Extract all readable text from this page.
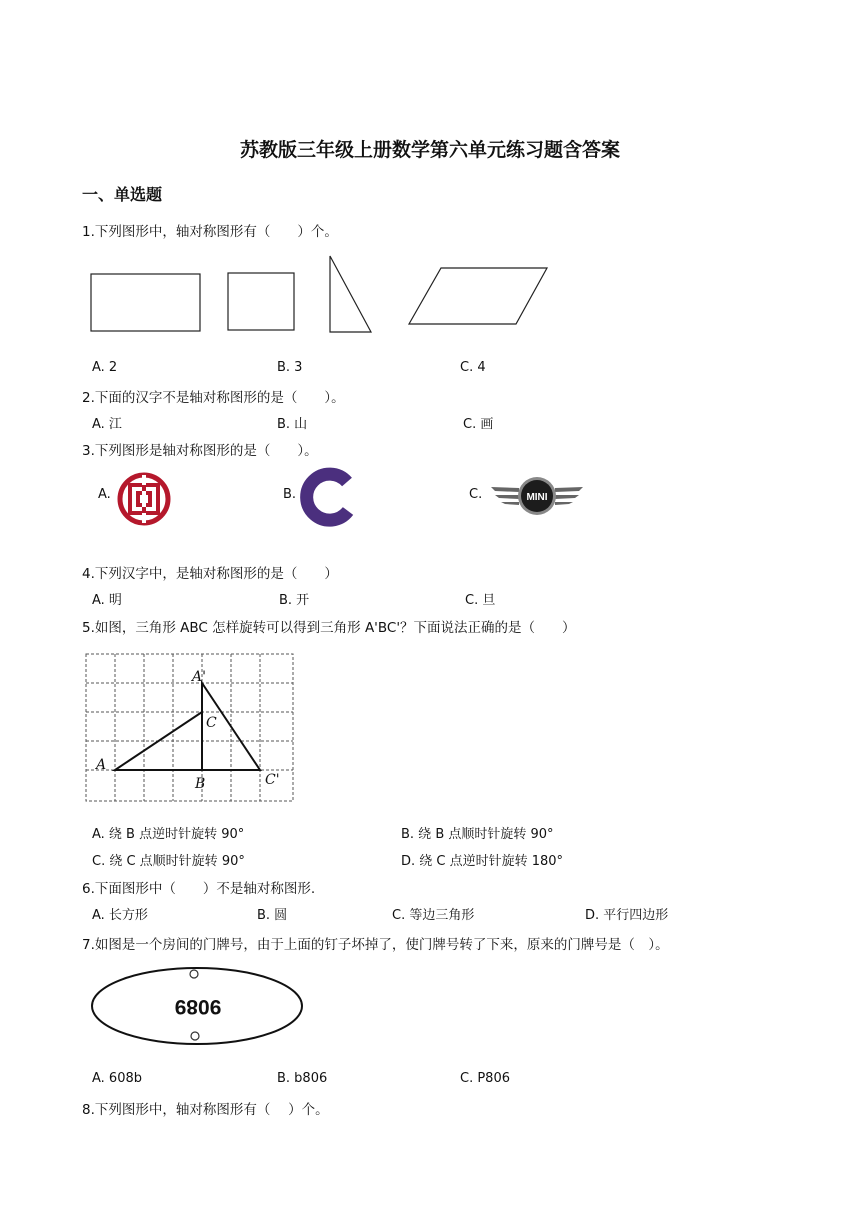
苏教版三年级上册数学第六单元练习题含答案
一、单选题
1.下列图形中，轴对称图形有（　　）个。
A. 2	B. 3	C. 4
2.下面的汉字不是轴对称图形的是（　　）。
A. 江	B. 山	C. 画
3.下列图形是轴对称图形的是（　　）。
A.	B.	C.	MINI
4.下列汉字中，是轴对称图形的是（　　）
A. 明	B. 开	C. 旦
5.如图，三角形 ABC 怎样旋转可以得到三角形 A'BC'？下面说法正确的是（　　）
A
B
C
A'
C'
A. 绕 B 点逆时针旋转 90°	B. 绕 B 点顺时针旋转 90°
C. 绕 C 点顺时针旋转 90°	D. 绕 C 点逆时针旋转 180°
6.下面图形中（　　）不是轴对称图形.
A. 长方形	B. 圆	C. 等边三角形	D. 平行四边形
7.如图是一个房间的门牌号，由于上面的钉子坏掉了，使门牌号转了下来，原来的门牌号是（　）。
9089
A. 608b	B. b806	C. P806
8.下列图形中，轴对称图形有（　 ）个。
